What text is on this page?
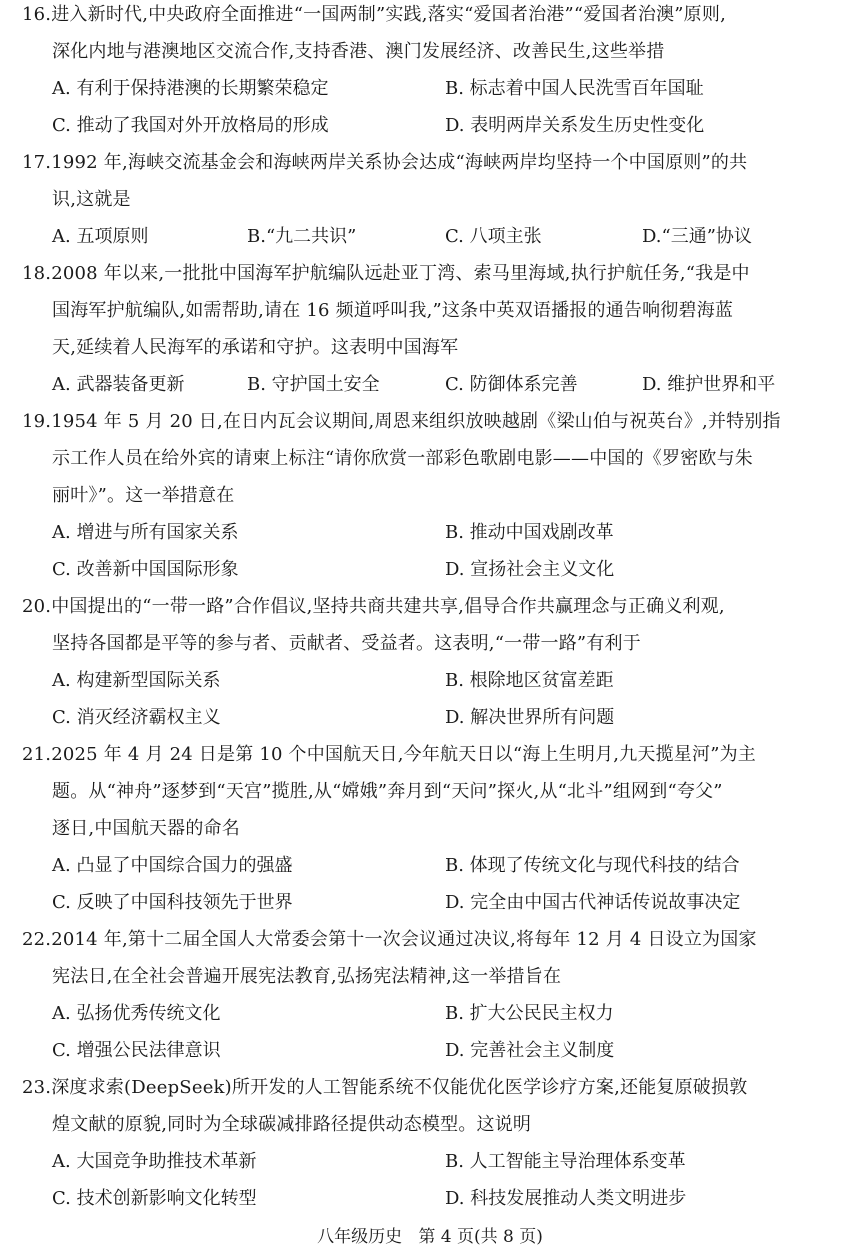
16.进入新时代,中央政府全面推进“一国两制”实践,落实“爱国者治港”“爱国者治澳”原则,
深化内地与港澳地区交流合作,支持香港、澳门发展经济、改善民生,这些举措

A. 有利于保持港澳的长期繁荣稳定	B. 标志着中国人民洗雪百年国耻
C. 推动了我国对外开放格局的形成	D. 表明两岸关系发生历史性变化

17.1992 年,海峡交流基金会和海峡两岸关系协会达成“海峡两岸均坚持一个中国原则”的共
识,这就是

A. 五项原则	B.“九二共识”	C. 八项主张	D.“三通”协议

18.2008 年以来,一批批中国海军护航编队远赴亚丁湾、索马里海域,执行护航任务,“我是中
国海军护航编队,如需帮助,请在 16 频道呼叫我,”这条中英双语播报的通告响彻碧海蓝
天,延续着人民海军的承诺和守护。这表明中国海军

A. 武器装备更新	B. 守护国土安全	C. 防御体系完善	D. 维护世界和平

19.1954 年 5 月 20 日,在日内瓦会议期间,周恩来组织放映越剧《梁山伯与祝英台》,并特别指
示工作人员在给外宾的请柬上标注“请你欣赏一部彩色歌剧电影——中国的《罗密欧与朱
丽叶》”。这一举措意在

A. 增进与所有国家关系	B. 推动中国戏剧改革
C. 改善新中国国际形象	D. 宣扬社会主义文化

20.中国提出的“一带一路”合作倡议,坚持共商共建共享,倡导合作共赢理念与正确义利观,
坚持各国都是平等的参与者、贡献者、受益者。这表明,“一带一路”有利于

A. 构建新型国际关系	B. 根除地区贫富差距
C. 消灭经济霸权主义	D. 解决世界所有问题

21.2025 年 4 月 24 日是第 10 个中国航天日,今年航天日以“海上生明月,九天揽星河”为主
题。从“神舟”逐梦到“天宫”揽胜,从“嫦娥”奔月到“天问”探火,从“北斗”组网到“夸父”
逐日,中国航天器的命名

A. 凸显了中国综合国力的强盛	B. 体现了传统文化与现代科技的结合
C. 反映了中国科技领先于世界	D. 完全由中国古代神话传说故事决定

22.2014 年,第十二届全国人大常委会第十一次会议通过决议,将每年 12 月 4 日设立为国家
宪法日,在全社会普遍开展宪法教育,弘扬宪法精神,这一举措旨在

A. 弘扬优秀传统文化	B. 扩大公民民主权力
C. 增强公民法律意识	D. 完善社会主义制度

23.深度求索(DeepSeek)所开发的人工智能系统不仅能优化医学诊疗方案,还能复原破损敦
煌文献的原貌,同时为全球碳减排路径提供动态模型。这说明

A. 大国竞争助推技术革新	B. 人工智能主导治理体系变革
C. 技术创新影响文化转型	D. 科技发展推动人类文明进步
八年级历史   第 4 页(共 8 页)
